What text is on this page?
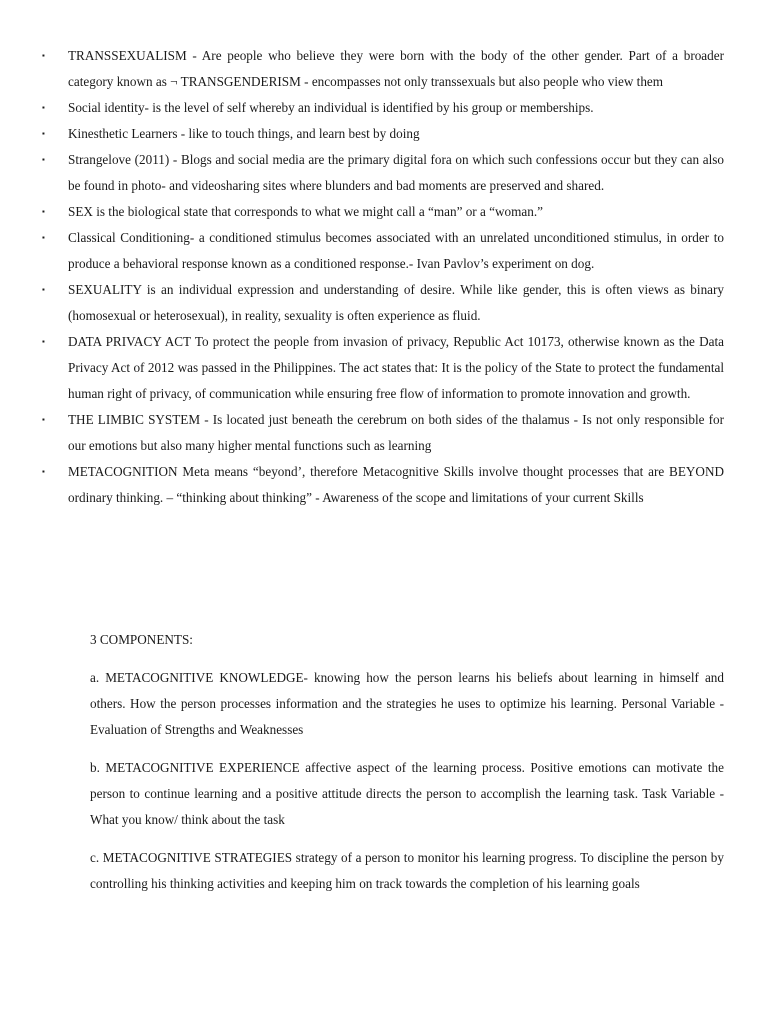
▪ TRANSSEXUALISM - Are people who believe they were born with the body of the other gender. Part of a broader category known as ¬ TRANSGENDERISM - encompasses not only transsexuals but also people who view them
▪ Social identity- is the level of self whereby an individual is identified by his group or memberships.
▪ Kinesthetic Learners - like to touch things, and learn best by doing
▪ Strangelove (2011) - Blogs and social media are the primary digital fora on which such confessions occur but they can also be found in photo- and videosharing sites where blunders and bad moments are preserved and shared.
▪ SEX is the biological state that corresponds to what we might call a “man” or a “woman.”
▪ Classical Conditioning- a conditioned stimulus becomes associated with an unrelated unconditioned stimulus, in order to produce a behavioral response known as a conditioned response.- Ivan Pavlov’s experiment on dog.
▪ SEXUALITY is an individual expression and understanding of desire. While like gender, this is often views as binary (homosexual or heterosexual), in reality, sexuality is often experience as fluid.
▪ DATA PRIVACY ACT To protect the people from invasion of privacy, Republic Act 10173, otherwise known as the Data Privacy Act of 2012 was passed in the Philippines. The act states that: It is the policy of the State to protect the fundamental human right of privacy, of communication while ensuring free flow of information to promote innovation and growth.
▪ THE LIMBIC SYSTEM - Is located just beneath the cerebrum on both sides of the thalamus - Is not only responsible for our emotions but also many higher mental functions such as learning
▪ METACOGNITION Meta means “beyond’, therefore Metacognitive Skills involve thought processes that are BEYOND ordinary thinking. – “thinking about thinking” - Awareness of the scope and limitations of your current Skills

3 COMPONENTS:

a. METACOGNITIVE KNOWLEDGE- knowing how the person learns his beliefs about learning in himself and others. How the person processes information and the strategies he uses to optimize his learning. Personal Variable - Evaluation of Strengths and Weaknesses

b. METACOGNITIVE EXPERIENCE affective aspect of the learning process. Positive emotions can motivate the person to continue learning and a positive attitude directs the person to accomplish the learning task. Task Variable - What you know/ think about the task

c. METACOGNITIVE STRATEGIES strategy of a person to monitor his learning progress. To discipline the person by controlling his thinking activities and keeping him on track towards the completion of his learning goals
